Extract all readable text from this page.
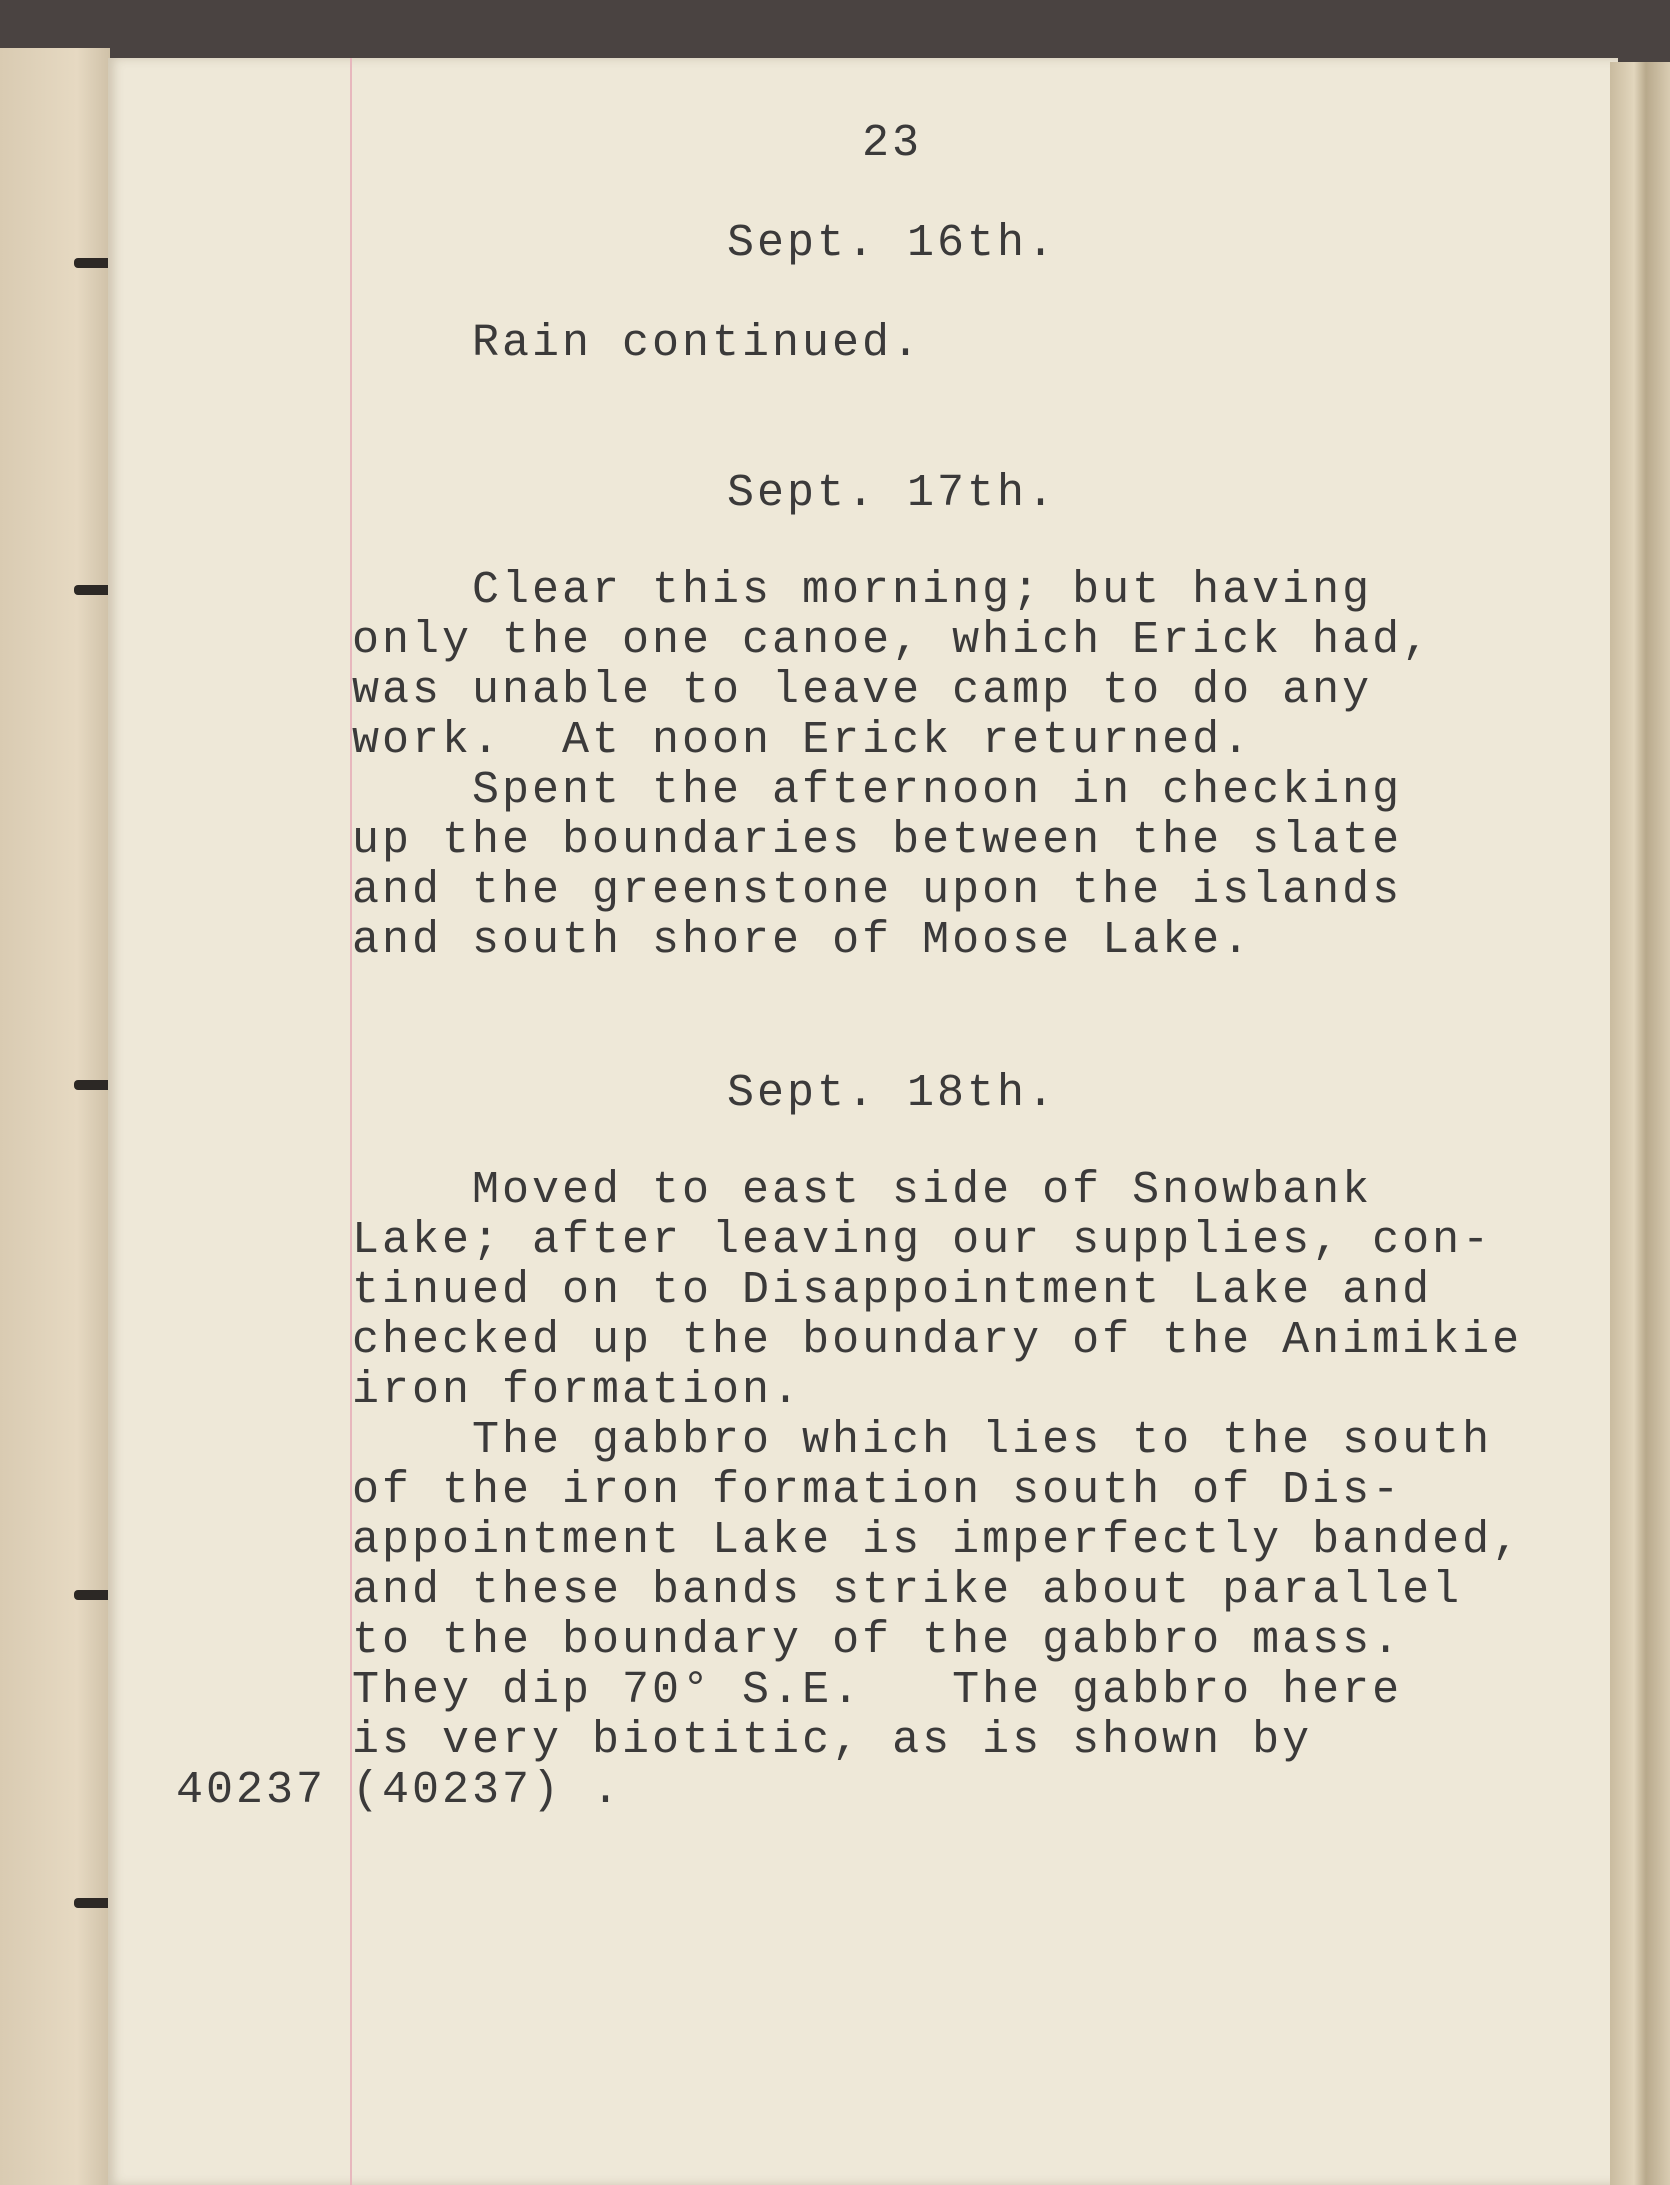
23
Sept. 16th.
Rain continued.
Sept. 17th.
Clear this morning; but having
only the one canoe, which Erick had,
was unable to leave camp to do any
work.  At noon Erick returned.
Spent the afternoon in checking
up the boundaries between the slate
and the greenstone upon the islands
and south shore of Moose Lake.
Sept. 18th.
Moved to east side of Snowbank
Lake; after leaving our supplies, con-
tinued on to Disappointment Lake and
checked up the boundary of the Animikie
iron formation.
The gabbro which lies to the south
of the iron formation south of Dis-
appointment Lake is imperfectly banded,
and these bands strike about parallel
to the boundary of the gabbro mass.
They dip 70° S.E.   The gabbro here
is very biotitic, as is shown by
(40237) .
40237
